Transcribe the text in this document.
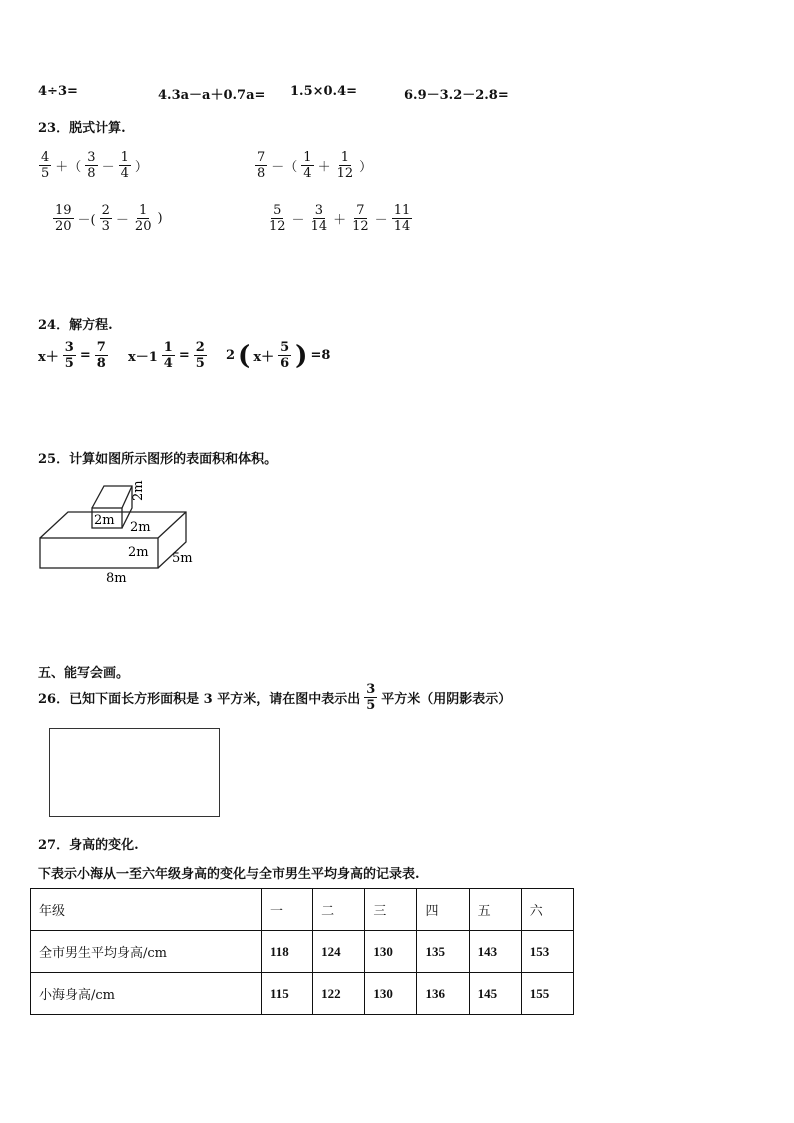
4÷3=	4.3a－a＋0.7a= 1.5×0.4=	6.9－3.2－2.8=
23．脱式计算.
$\frac{4}{5}$ ＋（ $\frac{3}{8} - \frac{1}{4}$ ）	$\frac{7}{8}$ －（ $\frac{1}{4} + \frac{1}{12}$ ）
$\frac{19}{20}$ －( $\frac{2}{3} - \frac{1}{20}$ )	$\frac{5}{12} - \frac{3}{14} + \frac{7}{12} - \frac{11}{14}$
24．解方程.
$x+ \frac{3}{5} = \frac{7}{8} x-1 \frac{1}{4} = \frac{2}{5} 2$ ( $x+ \frac{5}{6}$ ) =8
25．计算如图所示图形的表面积和体积。
2m
2m
2m
2m 5m
8m
五、能写会画。
26．已知下面长方形面积是 3 平方米，请在图中表示出 $\frac{3}{5}$ 平方米（用阴影表示）
27．身高的变化.
下表示小海从一至六年级身高的变化与全市男生平均身高的记录表.
年级	一	二	三	四	五	六
全市男生平均身高/cm	118	124	130	135	143	153
小海身高/cm	115	122	130	136	145	155
